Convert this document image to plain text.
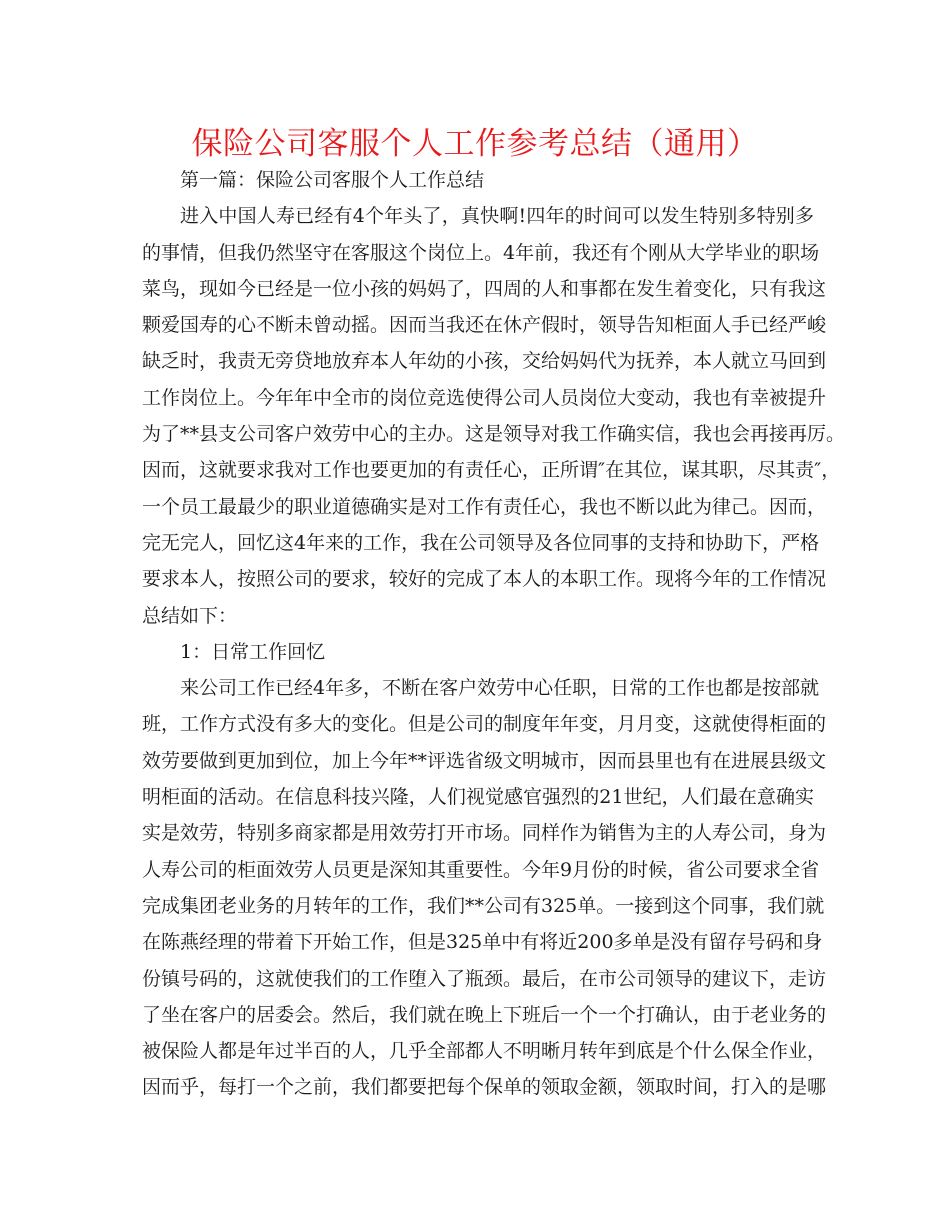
保险公司客服个人工作参考总结（通用）

第一篇：保险公司客服个人工作总结

进入中国人寿已经有4个年头了，真快啊!四年的时间可以发生特别多特别多
的事情，但我仍然坚守在客服这个岗位上。4年前，我还有个刚从大学毕业的职场
菜鸟，现如今已经是一位小孩的妈妈了，四周的人和事都在发生着变化，只有我这
颗爱国寿的心不断未曾动摇。因而当我还在休产假时，领导告知柜面人手已经严峻
缺乏时，我责无旁贷地放弃本人年幼的小孩，交给妈妈代为抚养，本人就立马回到
工作岗位上。今年年中全市的岗位竞选使得公司人员岗位大变动，我也有幸被提升
为了**县支公司客户效劳中心的主办。这是领导对我工作确实信，我也会再接再厉。
因而，这就要求我对工作也要更加的有责任心，正所谓″在其位，谋其职，尽其责″，
一个员工最最少的职业道德确实是对工作有责任心，我也不断以此为律己。因而，
完无完人，回忆这4年来的工作，我在公司领导及各位同事的支持和协助下，严格
要求本人，按照公司的要求，较好的完成了本人的本职工作。现将今年的工作情况
总结如下：

1：日常工作回忆

来公司工作已经4年多，不断在客户效劳中心任职，日常的工作也都是按部就
班，工作方式没有多大的变化。但是公司的制度年年变，月月变，这就使得柜面的
效劳要做到更加到位，加上今年**评选省级文明城市，因而县里也有在进展县级文
明柜面的活动。在信息科技兴隆，人们视觉感官强烈的21世纪，人们最在意确实
实是效劳，特别多商家都是用效劳打开市场。同样作为销售为主的人寿公司，身为
人寿公司的柜面效劳人员更是深知其重要性。今年9月份的时候，省公司要求全省
完成集团老业务的月转年的工作，我们**公司有325单。一接到这个同事，我们就
在陈燕经理的带着下开始工作，但是325单中有将近200多单是没有留存号码和身
份镇号码的，这就使我们的工作堕入了瓶颈。最后，在市公司领导的建议下，走访
了坐在客户的居委会。然后，我们就在晚上下班后一个一个打确认，由于老业务的
被保险人都是年过半百的人，几乎全部都人不明晰月转年到底是个什么保全作业，
因而乎，每打一个之前，我们都要把每个保单的领取金额，领取时间，打入的是哪
